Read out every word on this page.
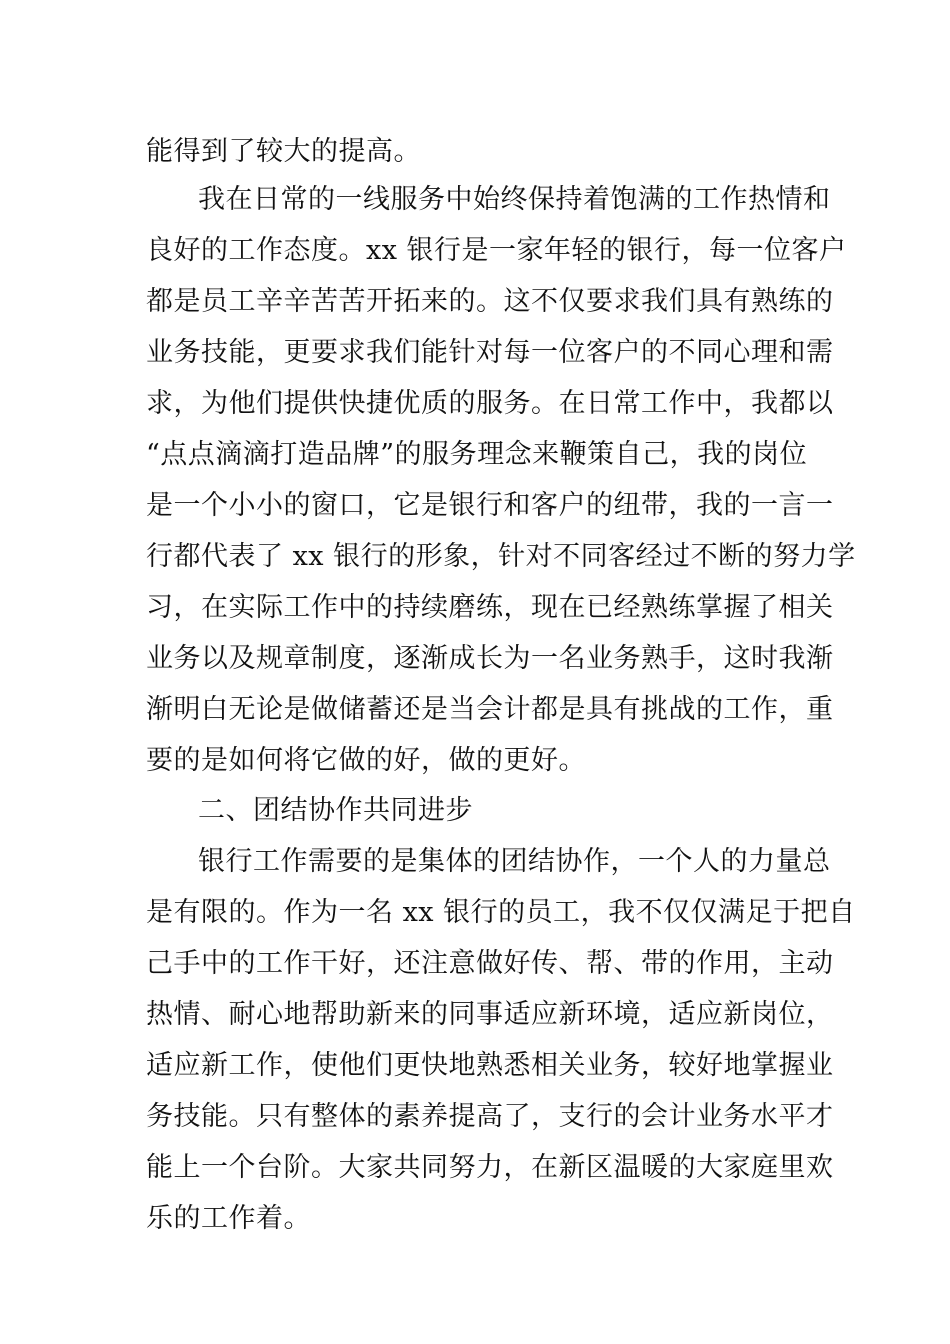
能得到了较大的提高。
我在日常的一线服务中始终保持着饱满的工作热情和
良好的工作态度。xx 银行是一家年轻的银行，每一位客户
都是员工辛辛苦苦开拓来的。这不仅要求我们具有熟练的
业务技能，更要求我们能针对每一位客户的不同心理和需
求，为他们提供快捷优质的服务。在日常工作中，我都以
“点点滴滴打造品牌”的服务理念来鞭策自己，我的岗位
是一个小小的窗口，它是银行和客户的纽带，我的一言一
行都代表了 xx 银行的形象，针对不同客经过不断的努力学
习，在实际工作中的持续磨练，现在已经熟练掌握了相关
业务以及规章制度，逐渐成长为一名业务熟手，这时我渐
渐明白无论是做储蓄还是当会计都是具有挑战的工作，重
要的是如何将它做的好，做的更好。
二、团结协作共同进步
银行工作需要的是集体的团结协作，一个人的力量总
是有限的。作为一名 xx 银行的员工，我不仅仅满足于把自
己手中的工作干好，还注意做好传、帮、带的作用，主动
热情、耐心地帮助新来的同事适应新环境，适应新岗位，
适应新工作，使他们更快地熟悉相关业务，较好地掌握业
务技能。只有整体的素养提高了，支行的会计业务水平才
能上一个台阶。大家共同努力，在新区温暖的大家庭里欢
乐的工作着。
